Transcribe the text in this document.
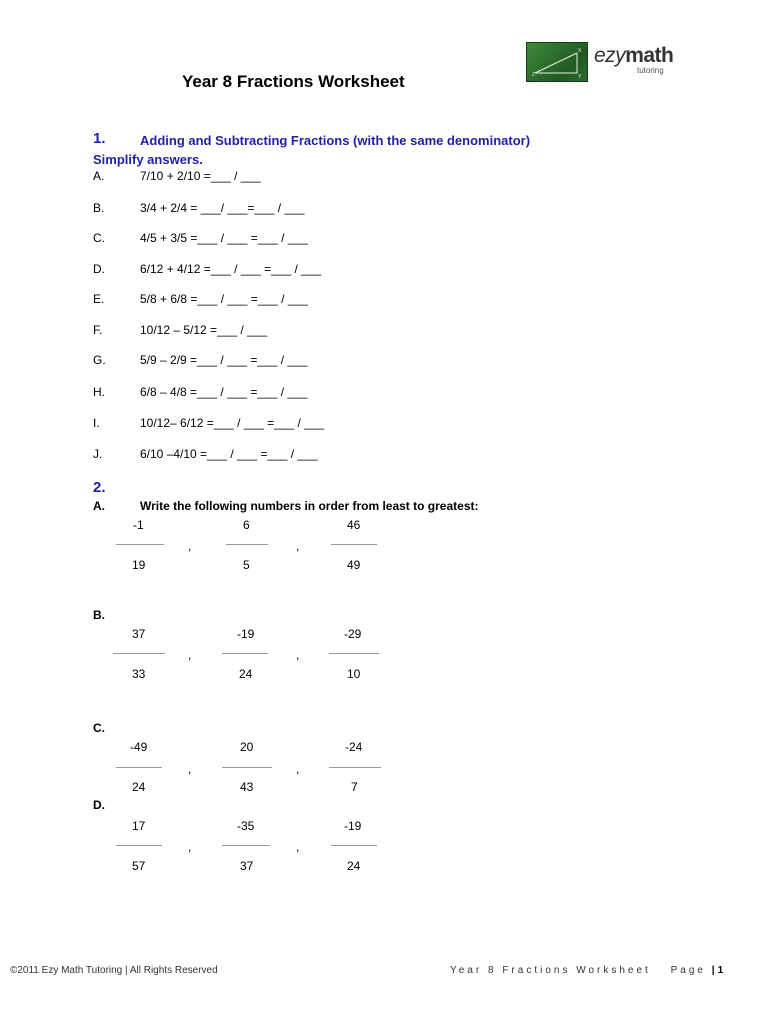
Year 8 Fractions Worksheet	Z
X
Y
ezymath
tutoring
1.	Adding and Subtracting Fractions (with the same denominator)
Simplify answers.
A.	7/10 + 2/10 =___ / ___
B.	3/4 + 2/4 = ___/ ___=___ / ___
C.	4/5 + 3/5 =___ / ___ =___ / ___
D.	6/12 + 4/12 =___ / ___ =___ / ___
E.	5/8 + 6/8 =___ / ___ =___ / ___
F.	10/12 – 5/12 =___ / ___
G.	5/9 – 2/9 =___ / ___ =___ / ___
H.	6/8 – 4/8 =___ / ___ =___ / ___
I.	10/12– 6/12 =___ / ___ =___ / ___
J.	6/10 –4/10 =___ / ___ =___ / ___
2.
A.	Write the following numbers in order from least to greatest:
-1
19
,
6
5
,
46
49
B.
37
33
,
-19
24
,
-29
10
C.
-49
24
,
20
43
,
-24
7
D.
17
57
,
-35
37
,
-19
24
©2011 Ezy Math Tutoring | All Rights Reserved	Year 8 Fractions Worksheet Page |1
